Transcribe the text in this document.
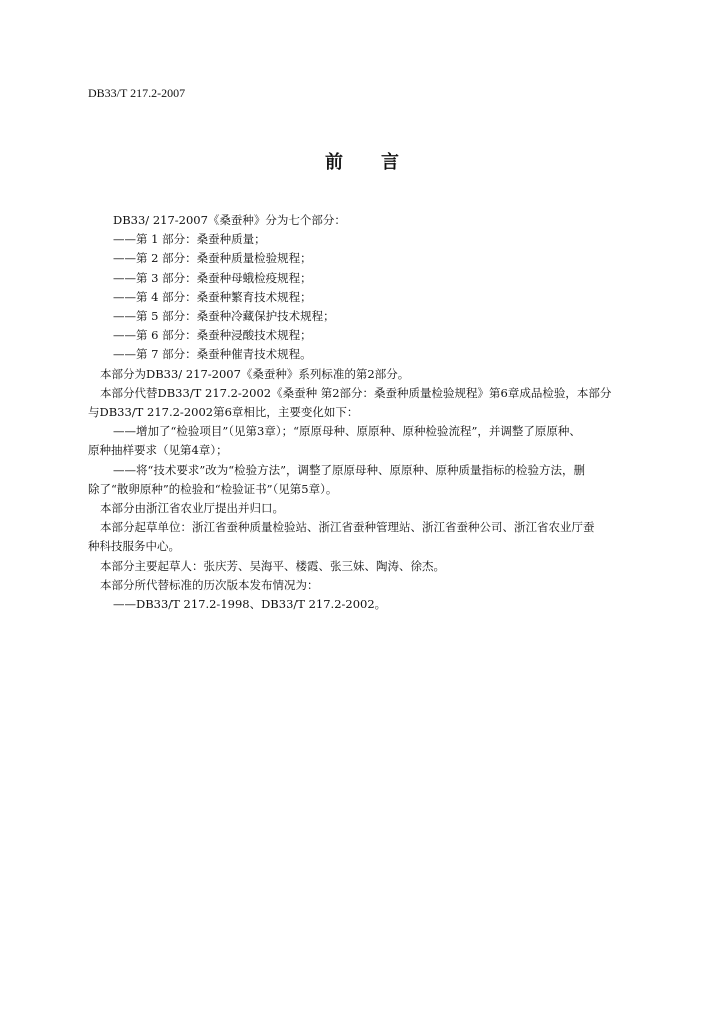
DB33/T 217.2-2007
前 言
DB33/ 217-2007《桑蚕种》分为七个部分：
——第 1 部分：桑蚕种质量；
——第 2 部分：桑蚕种质量检验规程；
——第 3 部分：桑蚕种母蛾检疫规程；
——第 4 部分：桑蚕种繁育技术规程；
——第 5 部分：桑蚕种冷藏保护技术规程；
——第 6 部分：桑蚕种浸酸技术规程；
——第 7 部分：桑蚕种催青技术规程。
本部分为DB33/ 217-2007《桑蚕种》系列标准的第2部分。
本部分代替DB33/T 217.2-2002《桑蚕种 第2部分：桑蚕种质量检验规程》第6章成品检验，本部分
与DB33/T 217.2-2002第6章相比，主要变化如下：
——增加了“检验项目”（见第3章）；“原原母种、原原种、原种检验流程”，并调整了原原种、
原种抽样要求（见第4章）；
——将“技术要求”改为“检验方法”，调整了原原母种、原原种、原种质量指标的检验方法，删
除了“散卵原种”的检验和“检验证书”（见第5章）。
本部分由浙江省农业厅提出并归口。
本部分起草单位：浙江省蚕种质量检验站、浙江省蚕种管理站、浙江省蚕种公司、浙江省农业厅蚕
种科技服务中心。
本部分主要起草人：张庆芳、吴海平、楼霞、张三妹、陶涛、徐杰。
本部分所代替标准的历次版本发布情况为：
——DB33/T 217.2-1998、DB33/T 217.2-2002。
